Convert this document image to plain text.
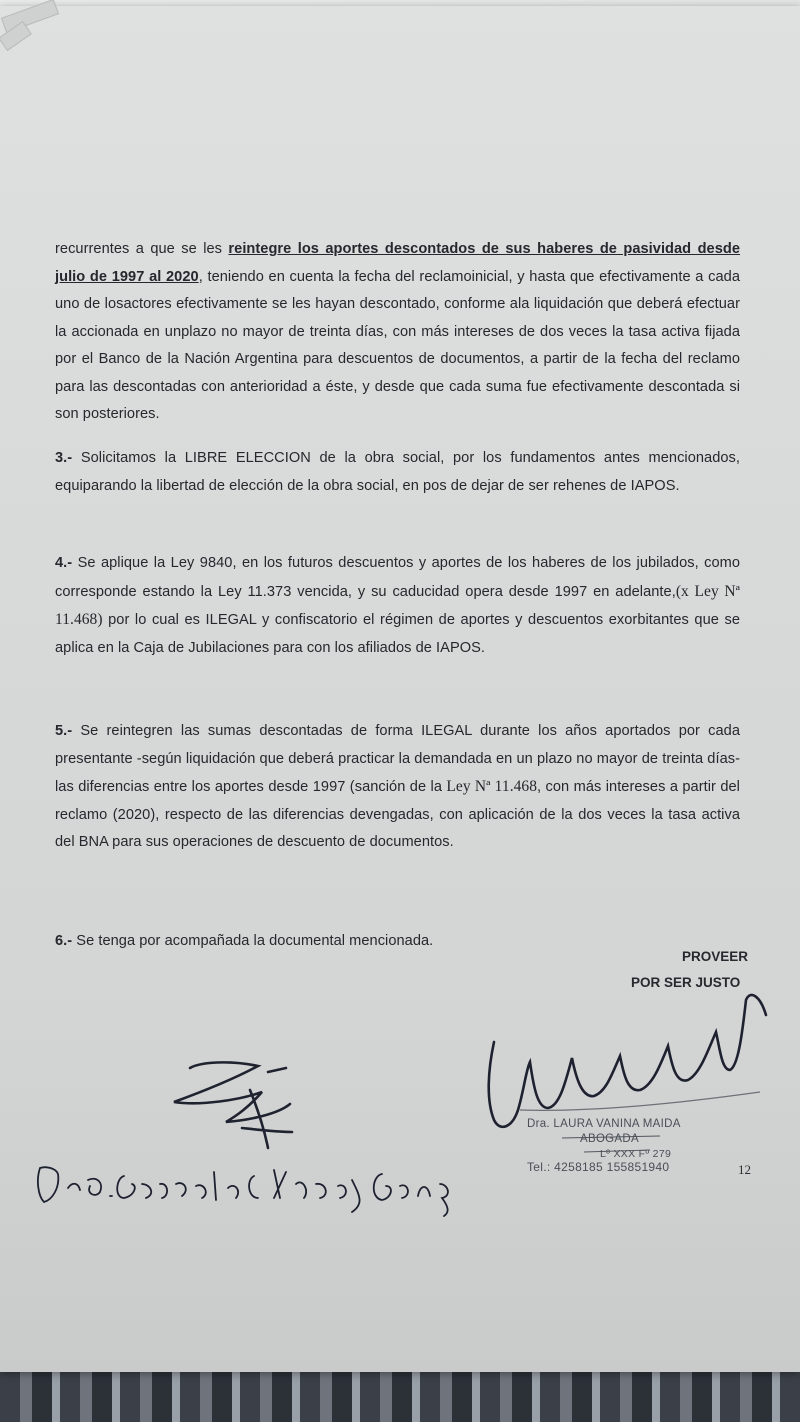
recurrentes a que se les reintegre los aportes descontados de sus haberes de pasividad desde julio de 1997 al 2020, teniendo en cuenta la fecha del reclamoinicial, y hasta que efectivamente a cada uno de losactores efectivamente se les hayan descontado, conforme ala liquidación que deberá efectuar la accionada en unplazo no mayor de treinta días, con más intereses de dos veces la tasa activa fijada por el Banco de la Nación Argentina para descuentos de documentos, a partir de la fecha del reclamo para las descontadas con anterioridad a éste, y desde que cada suma fue efectivamente descontada si son posteriores.
3.- Solicitamos la LIBRE ELECCION de la obra social, por los fundamentos antes mencionados, equiparando la libertad de elección de la obra social, en pos de dejar de ser rehenes de IAPOS.
4.- Se aplique la Ley 9840, en los futuros descuentos y aportes de los haberes de los jubilados, como corresponde estando la Ley 11.373 vencida, y su caducidad opera desde 1997 en adelante,(x Ley Nª 11.468) por lo cual es ILEGAL y confiscatorio el régimen de aportes y descuentos exorbitantes que se aplica en la Caja de Jubilaciones para con los afiliados de IAPOS.
5.- Se reintegren las sumas descontadas de forma ILEGAL durante los años aportados por cada presentante -según liquidación que deberá practicar la demandada en un plazo no mayor de treinta días- las diferencias entre los aportes desde 1997 (sanción de la Ley Nª 11.468, con más intereses a partir del reclamo (2020), respecto de las diferencias devengadas, con aplicación de la dos veces la tasa activa del BNA para sus operaciones de descuento de documentos.
6.- Se tenga por acompañada la documental mencionada.
PROVEER
POR SER JUSTO
Dra. LAURA VANINA MAIDA
ABOGADA
Lº XXX Fº 279
Tel.: 4258185 155851940	12
